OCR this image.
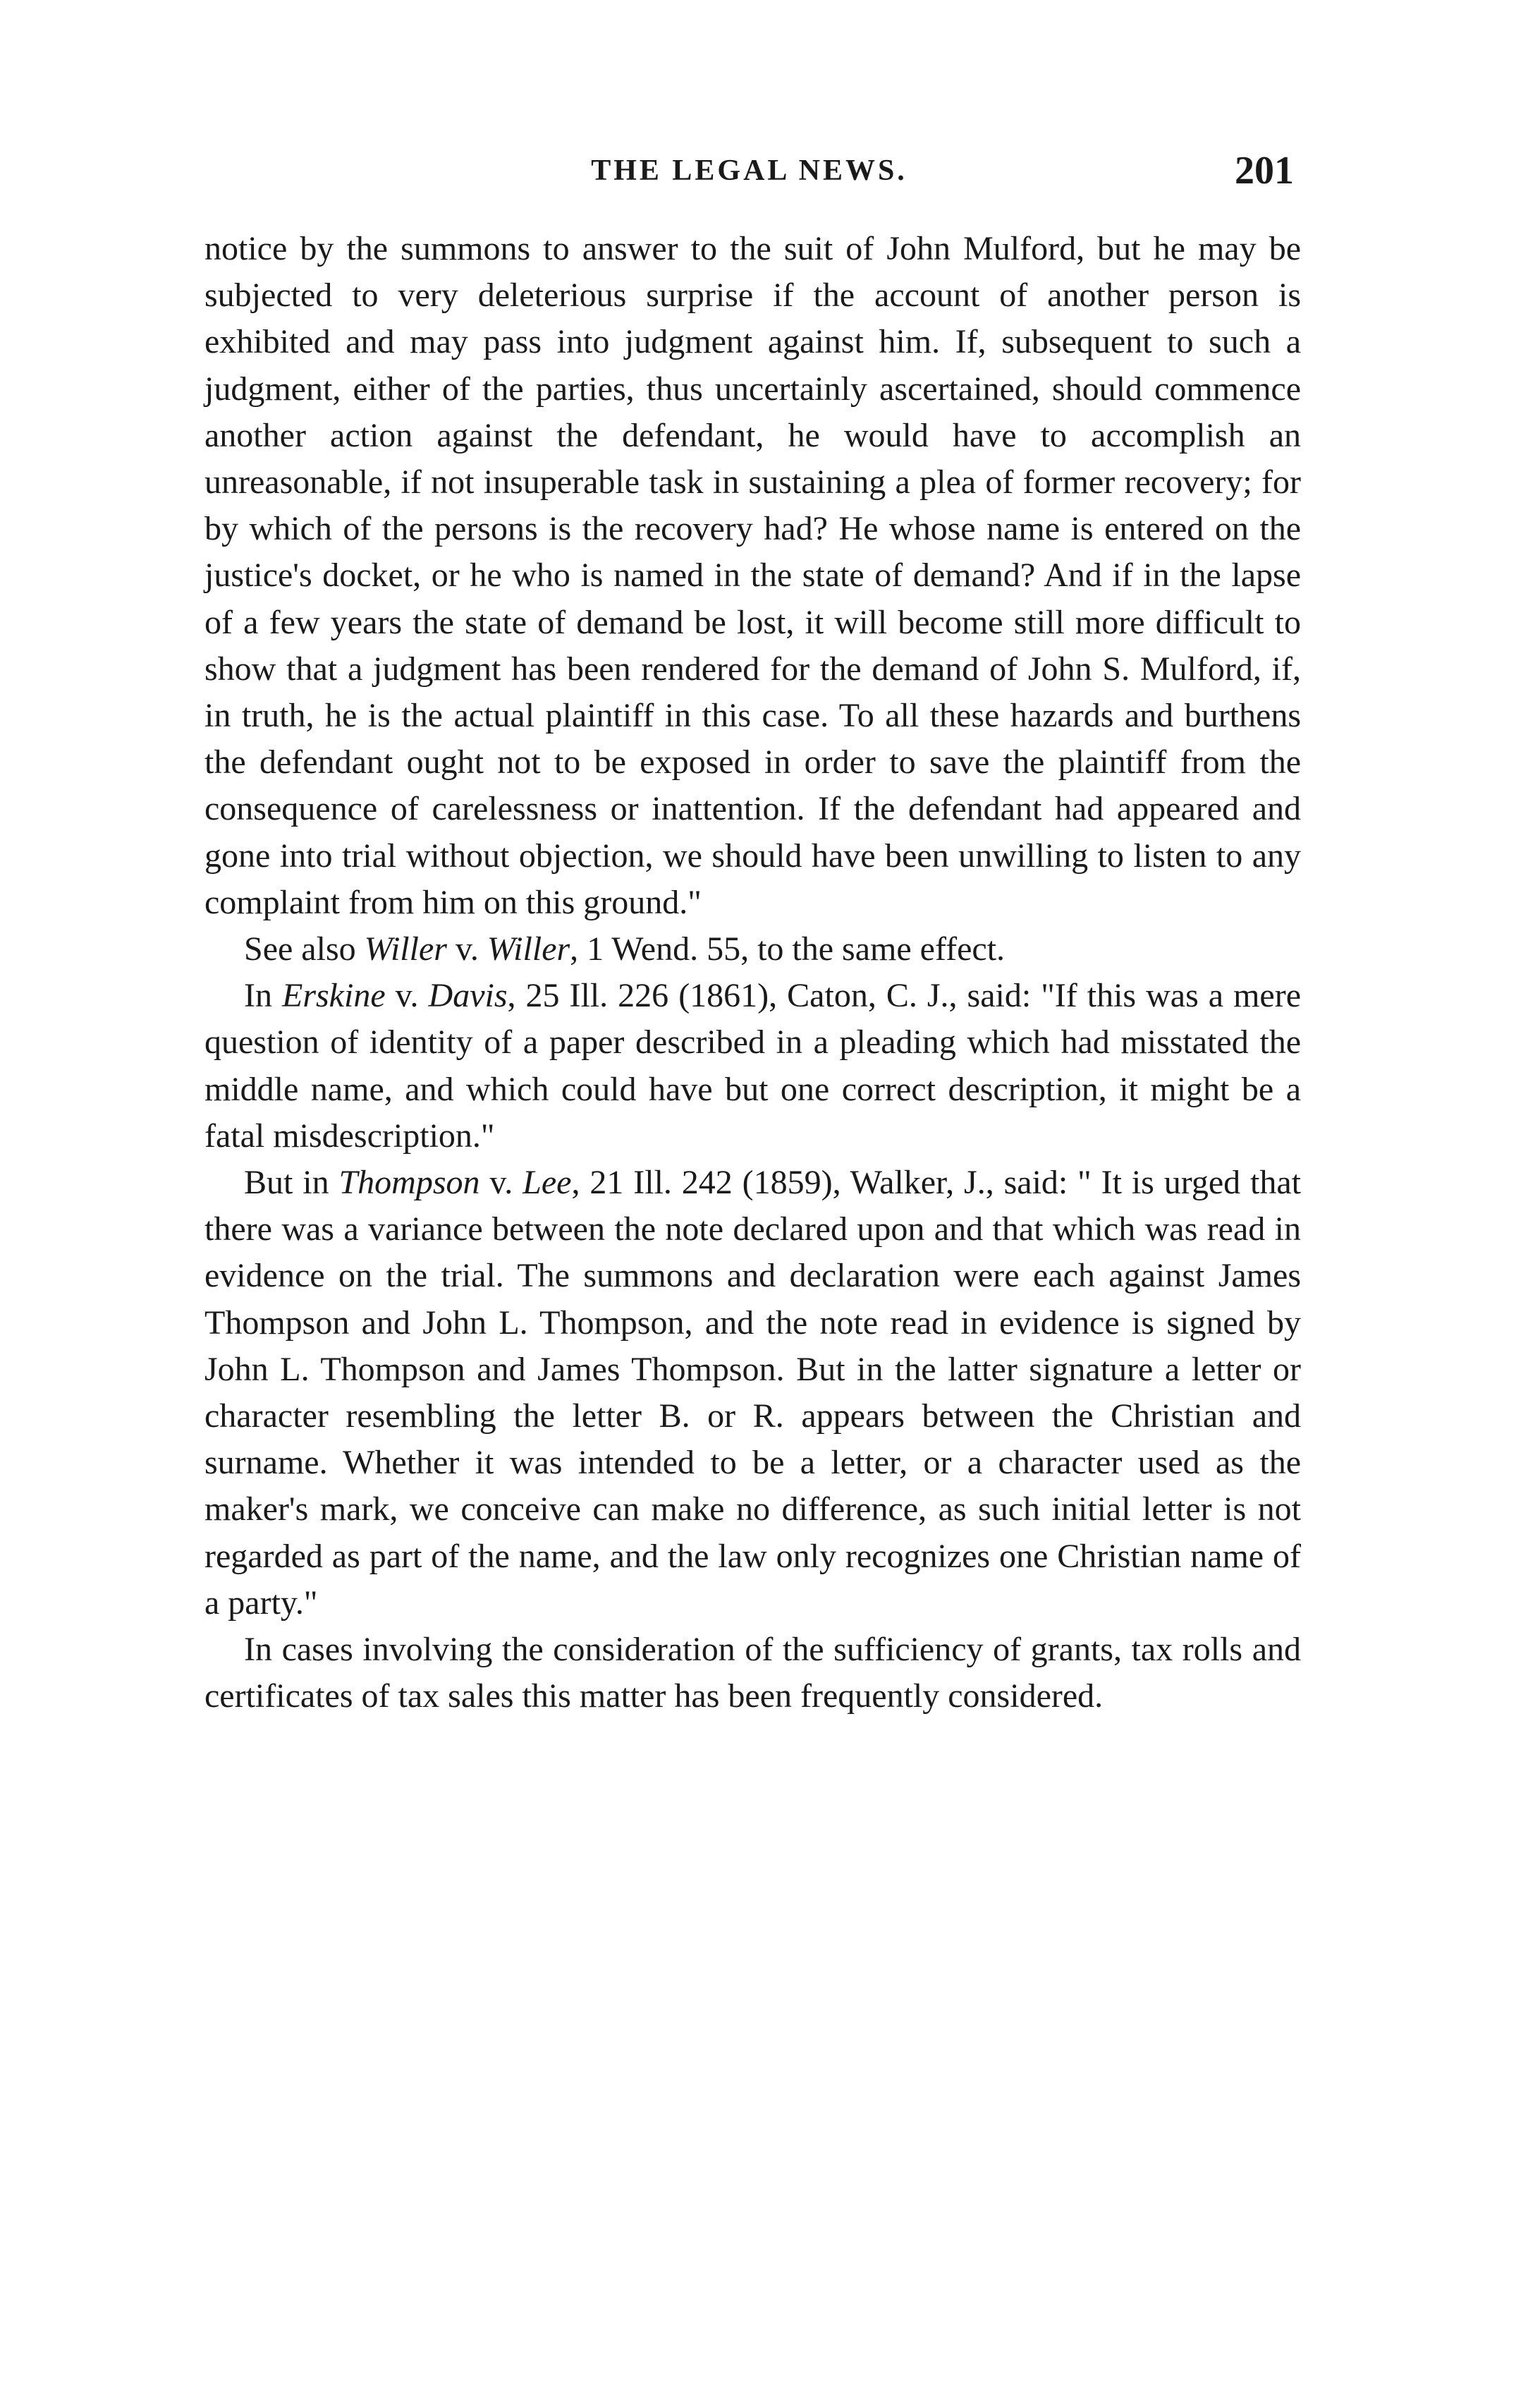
THE LEGAL NEWS.	201

notice by the summons to answer to the suit of John Mulford, but he may be subjected to very deleterious surprise if the account of another person is exhibited and may pass into judgment against him. If, subsequent to such a judgment, either of the parties, thus uncertainly ascertained, should commence another action against the defendant, he would have to accomplish an unreasonable, if not insuperable task in sustaining a plea of former recovery; for by which of the persons is the recovery had? He whose name is entered on the justice's docket, or he who is named in the state of demand? And if in the lapse of a few years the state of demand be lost, it will become still more difficult to show that a judgment has been rendered for the demand of John S. Mulford, if, in truth, he is the actual plaintiff in this case. To all these hazards and burthens the defendant ought not to be exposed in order to save the plaintiff from the consequence of carelessness or inattention. If the defendant had appeared and gone into trial without objection, we should have been unwilling to listen to any complaint from him on this ground."

See also Willer v. Willer, 1 Wend. 55, to the same effect.

In Erskine v. Davis, 25 Ill. 226 (1861), Caton, C. J., said: "If this was a mere question of identity of a paper described in a pleading which had misstated the middle name, and which could have but one correct description, it might be a fatal misdescription."

But in Thompson v. Lee, 21 Ill. 242 (1859), Walker, J., said: " It is urged that there was a variance between the note declared upon and that which was read in evidence on the trial. The summons and declaration were each against James Thompson and John L. Thompson, and the note read in evidence is signed by John L. Thompson and James Thompson. But in the latter signature a letter or character resembling the letter B. or R. appears between the Christian and surname. Whether it was intended to be a letter, or a character used as the maker's mark, we conceive can make no difference, as such initial letter is not regarded as part of the name, and the law only recognizes one Christian name of a party."

In cases involving the consideration of the sufficiency of grants, tax rolls and certificates of tax sales this matter has been frequently considered.
